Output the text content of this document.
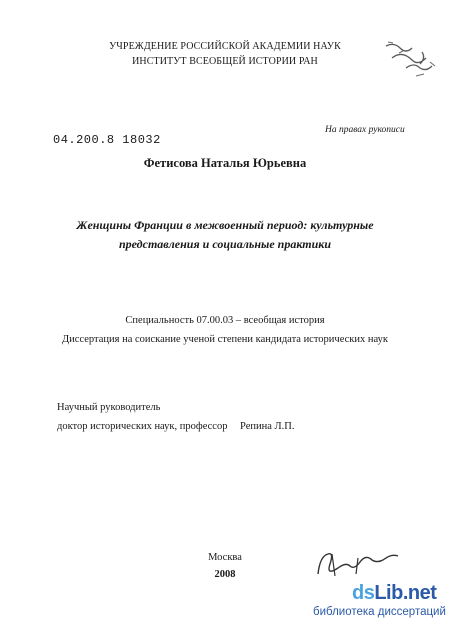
УЧРЕЖДЕНИЕ РОССИЙСКОЙ АКАДЕМИИ НАУК
ИНСТИТУТ ВСЕОБЩЕЙ ИСТОРИИ РАН
04.200.8 18032
На правах рукописи
Фетисова Наталья Юрьевна
Женщины Франции в межвоенный период: культурные
представления и социальные практики
Специальность 07.00.03 – всеобщая история
Диссертация на соискание ученой степени кандидата исторических наук
Научный руководитель
доктор исторических наук, профессор Репина Л.П.
Москва
2008
dsLib.net
библиотека диссертаций
